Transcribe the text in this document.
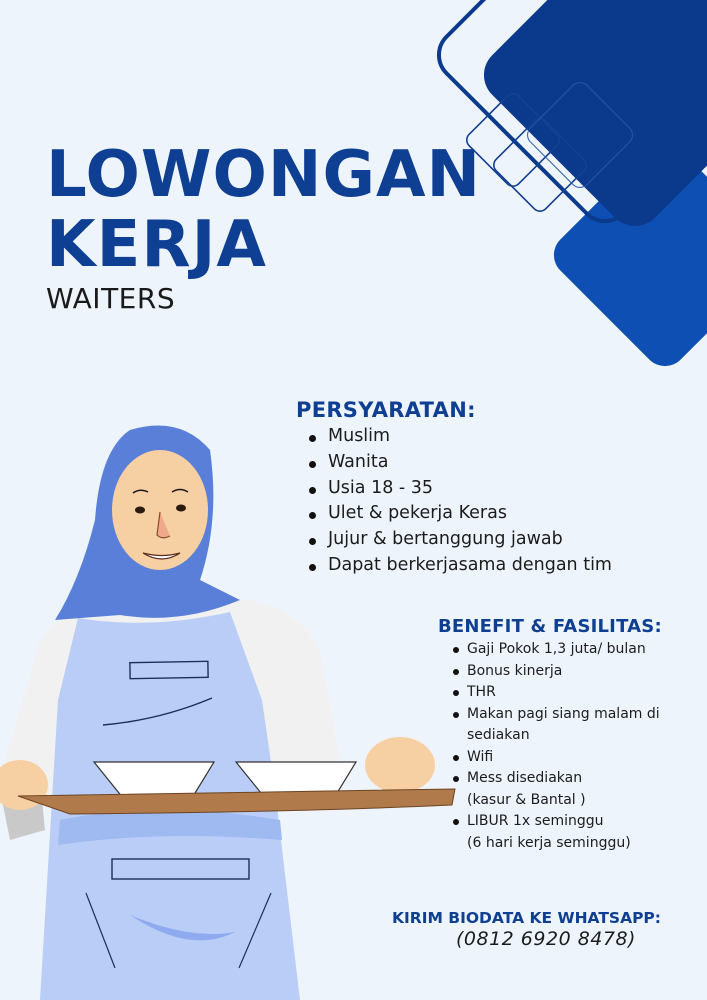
LOWONGAN
KERJA
WAITERS
PERSYARATAN:
Muslim
Wanita
Usia 18 - 35
Ulet & pekerja Keras
Jujur & bertanggung jawab
Dapat berkerjasama dengan tim
BENEFIT & FASILITAS:
Gaji Pokok 1,3 juta/ bulan
Bonus kinerja
THR
Makan pagi siang malam di
sediakan
Wifi
Mess disediakan
(kasur & Bantal )
LIBUR 1x seminggu
(6 hari kerja seminggu)
KIRIM BIODATA KE WHATSAPP:
(0812 6920 8478)
